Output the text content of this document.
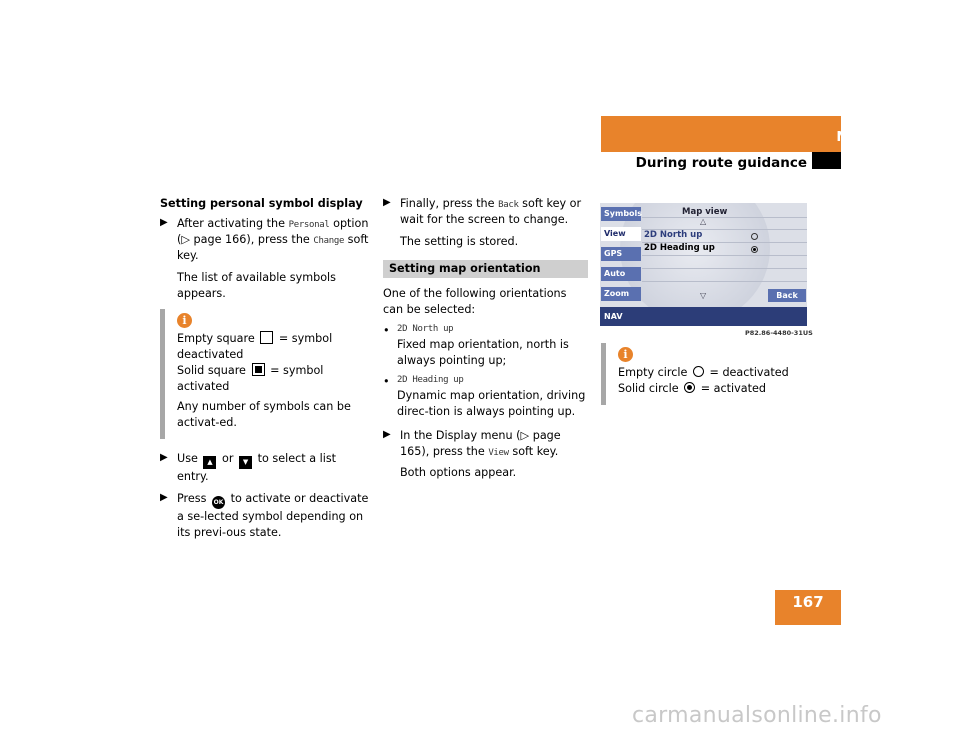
Navigation*
During route guidance
Setting personal symbol display
▶ After activating the Personal option (▷ page 166), press the Change soft key.
The list of available symbols appears.
i

Empty square = symbol deactivated
Solid square = symbol activated

Any number of symbols can be activat-ed.

▶ Use ▲ or ▼ to select a list entry.
▶ Press OK to activate or deactivate a se-lected symbol depending on its previ-ous state.
▶ Finally, press the Back soft key or wait for the screen to change.
The setting is stored.
Setting map orientation
One of the following orientations can be selected:
• 2D North up
Fixed map orientation, north is always pointing up;
• 2D Heading up
Dynamic map orientation, driving direc-tion is always pointing up.
▶ In the Display menu (▷ page 165), press the View soft key.
Both options appear.
Map view
△
Symbols
View
GPS
Auto
Zoom
2D North up
2D Heading up
▽	Back
NAV
P82.86-4480-31US
i

Empty circle = deactivated
Solid circle = activated

167
carmanualsonline.info
